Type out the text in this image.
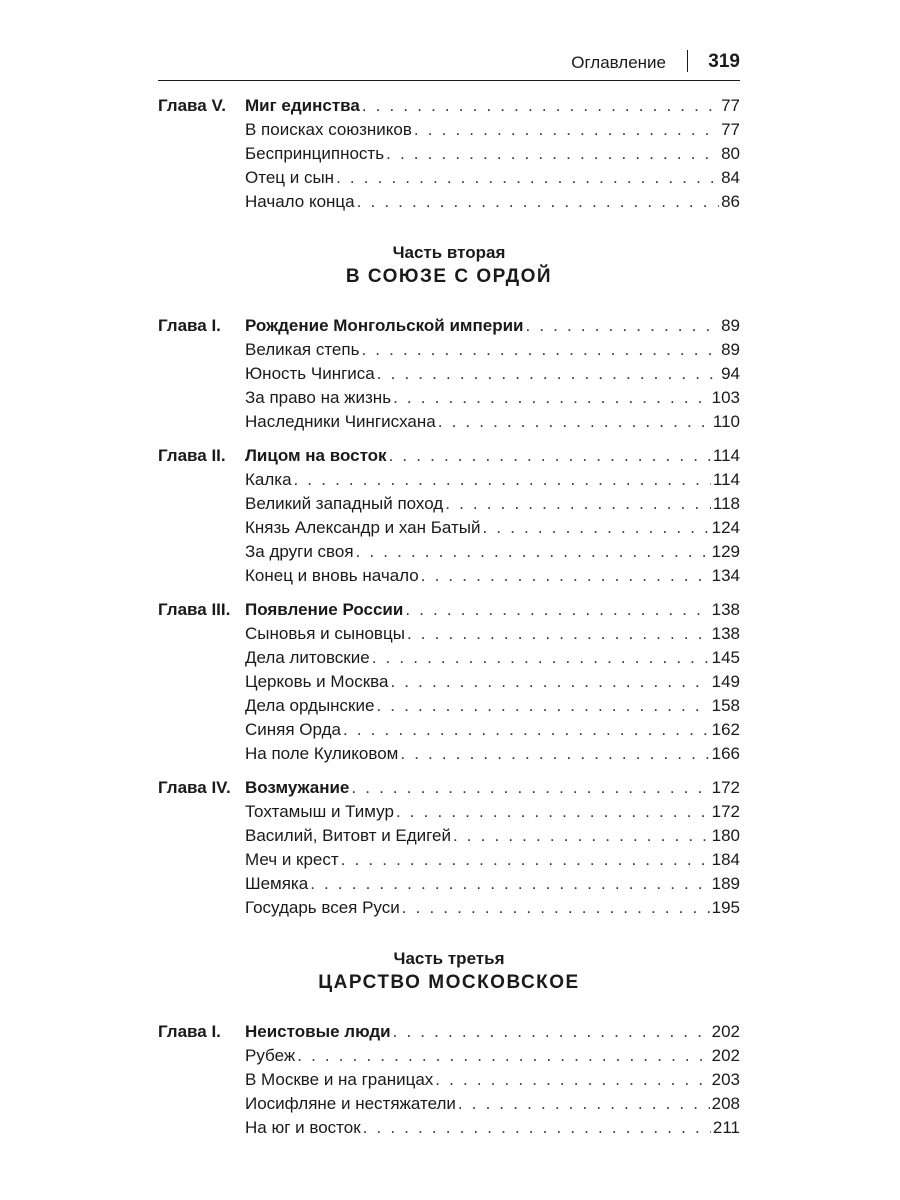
Оглавление 319
Глава V.	Миг единства . . .	77
В поисках союзников . . .	77
Беспринципность . . .	80
Отец и сын . . .	84
Начало конца . . .	86
Часть вторая
В СОЮЗЕ С ОРДОЙ
Глава I.	Рождение Монгольской империи . . .	89
Великая степь . . .	89
Юность Чингиса . . .	94
За право на жизнь . . .	103
Наследники Чингисхана . . .	110
Глава II.	Лицом на восток . . .	114
Калка . . .	114
Великий западный поход . . .	118
Князь Александр и хан Батый . . .	124
За други своя . . .	129
Конец и вновь начало . . .	134
Глава III. Появление России . . .	138
Сыновья и сыновцы . . .	138
Дела литовские . . .	145
Церковь и Москва . . .	149
Дела ордынские . . .	158
Синяя Орда . . .	162
На поле Куликовом . . .	166
Глава IV. Возмужание . . .	172
Тохтамыш и Тимур . . .	172
Василий, Витовт и Едигей . . .	180
Меч и крест . . .	184
Шемяка . . .	189
Государь всея Руси . . .	195
Часть третья
ЦАРСТВО МОСКОВСКОЕ
Глава I.	Неистовые люди . . .	202
Рубеж . . .	202
В Москве и на границах . . .	203
Иосифляне и нестяжатели . . .	208
На юг и восток . . .	211
